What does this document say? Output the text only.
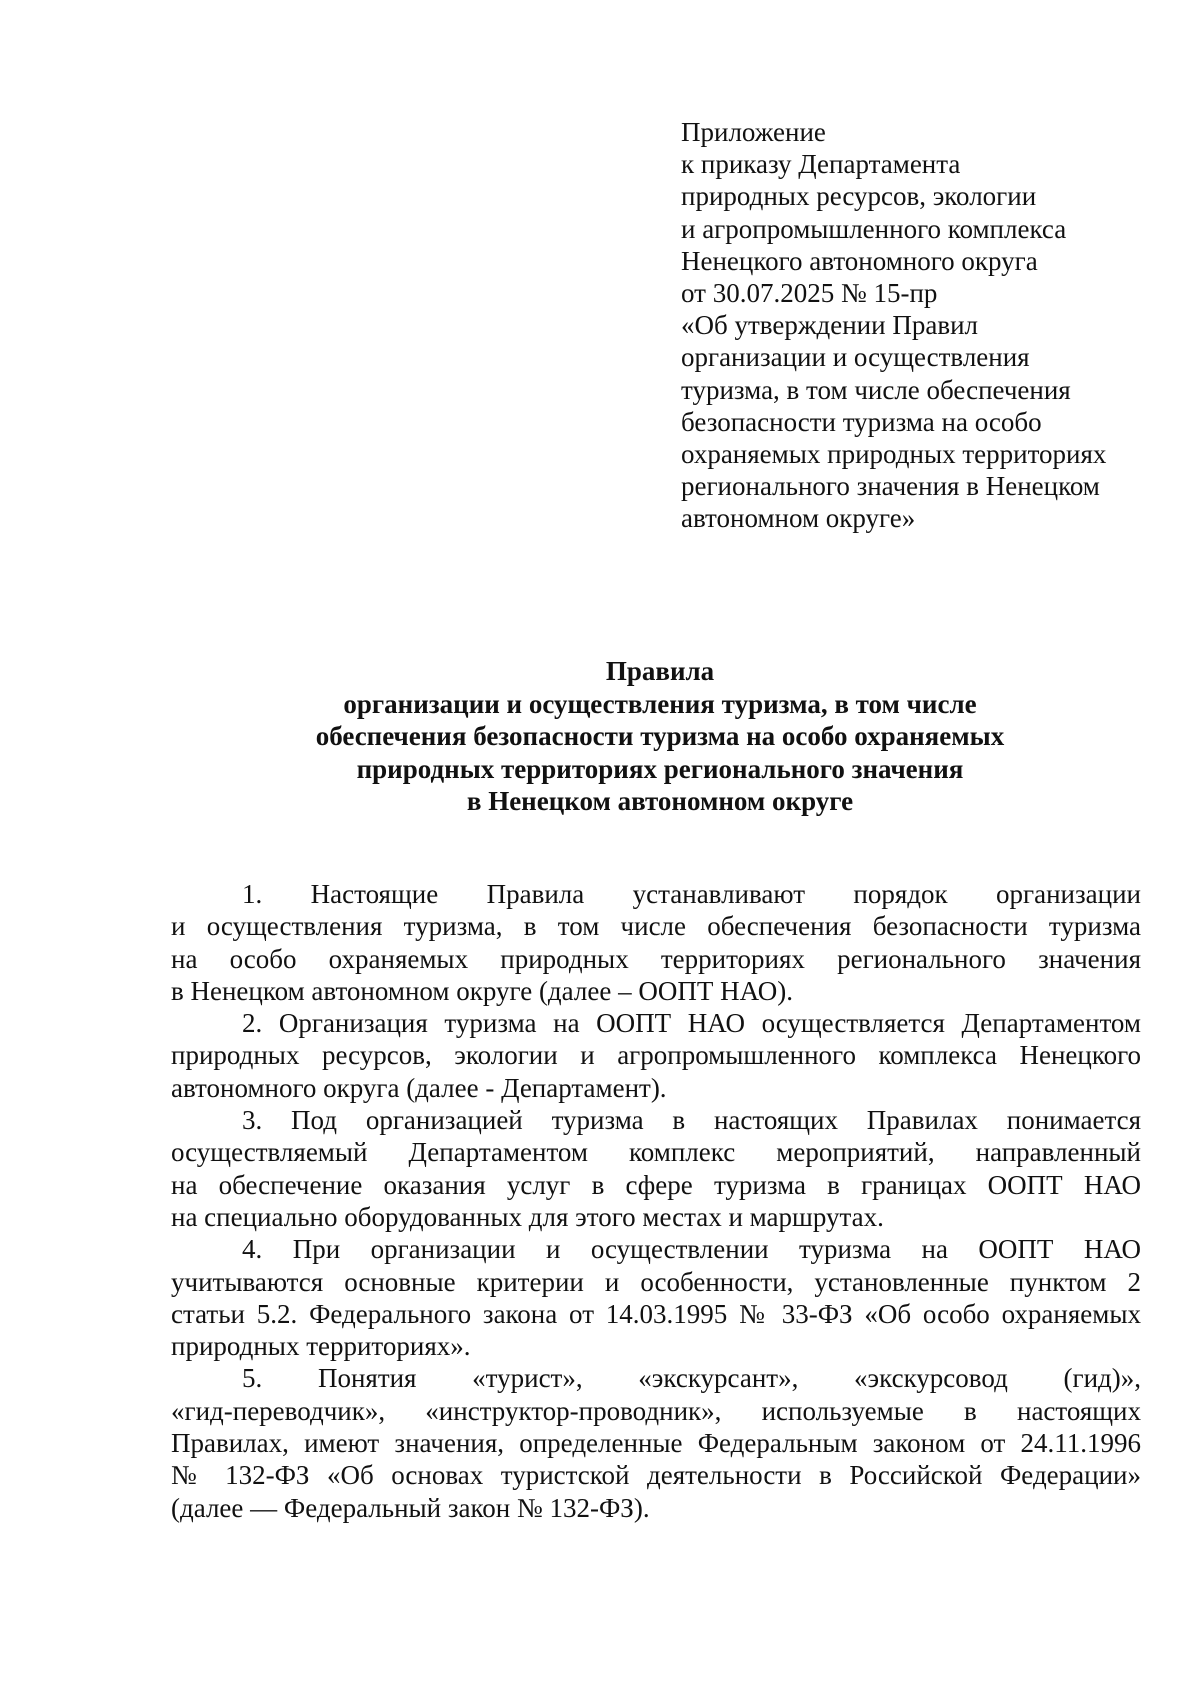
Приложение
к приказу Департамента
природных ресурсов, экологии
и агропромышленного комплекса
Ненецкого автономного округа
от 30.07.2025 № 15-пр
«Об утверждении Правил
организации и осуществления
туризма, в том числе обеспечения
безопасности туризма на особо
охраняемых природных территориях
регионального значения в Ненецком
автономном округе»
Правила
организации и осуществления туризма, в том числе
обеспечения безопасности туризма на особо охраняемых
природных территориях регионального значения
в Ненецком автономном округе
1. Настоящие Правила устанавливают порядок организации
и осуществления туризма, в том числе обеспечения безопасности туризма
на особо охраняемых природных территориях регионального значения
в Ненецком автономном округе (далее – ООПТ НАО).
2. Организация туризма на ООПТ НАО осуществляется Департаментом
природных ресурсов, экологии и агропромышленного комплекса Ненецкого
автономного округа (далее - Департамент).
3. Под организацией туризма в настоящих Правилах понимается
осуществляемый Департаментом комплекс мероприятий, направленный
на обеспечение оказания услуг в сфере туризма в границах ООПТ НАО
на специально оборудованных для этого местах и маршрутах.
4. При организации и осуществлении туризма на ООПТ НАО
учитываются основные критерии и особенности, установленные пунктом 2
статьи 5.2. Федерального закона от 14.03.1995 № 33-ФЗ «Об особо охраняемых
природных территориях».
5. Понятия «турист», «экскурсант», «экскурсовод (гид)»,
«гид-переводчик», «инструктор-проводник», используемые в настоящих
Правилах, имеют значения, определенные Федеральным законом от 24.11.1996
№ 132-ФЗ «Об основах туристской деятельности в Российской Федерации»
(далее — Федеральный закон № 132-ФЗ).
